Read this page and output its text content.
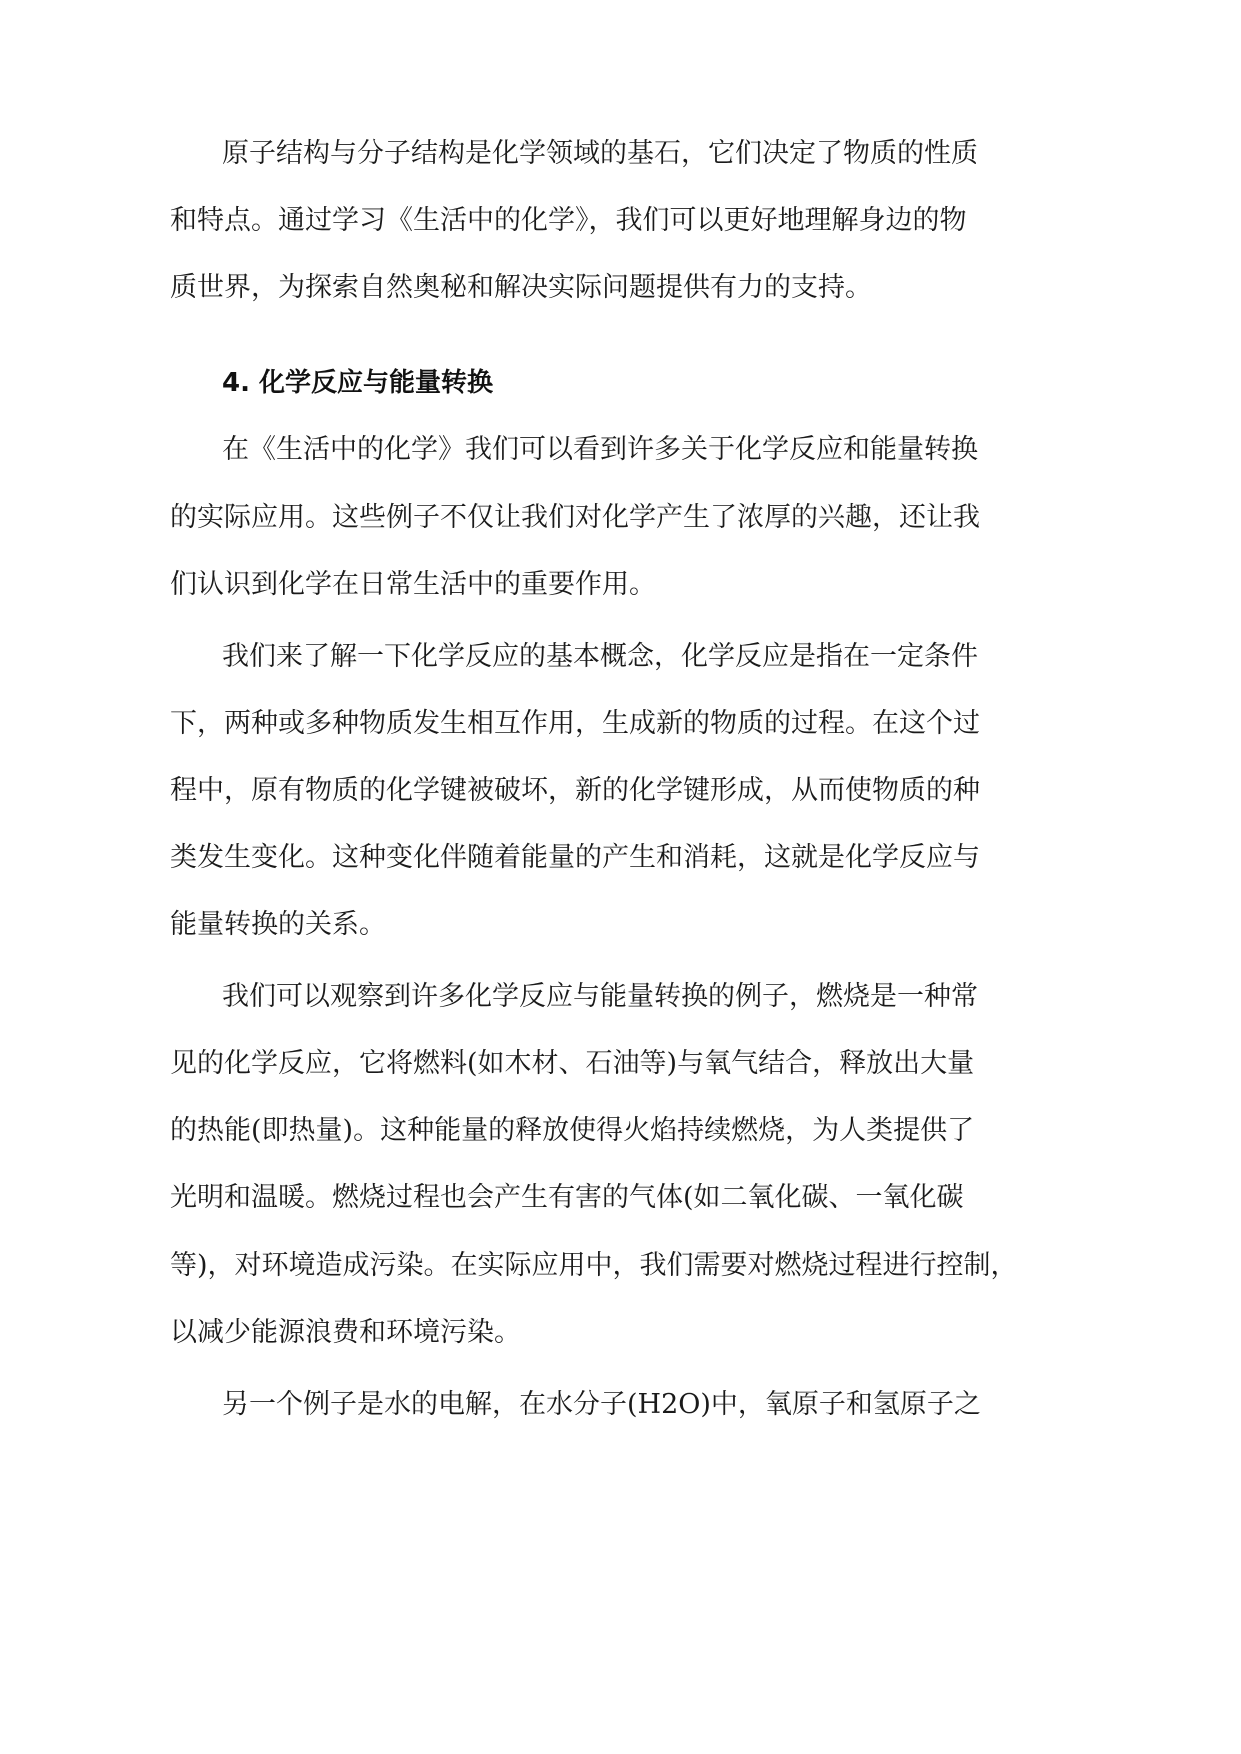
原子结构与分子结构是化学领域的基石，它们决定了物质的性质
和特点。通过学习《生活中的化学》，我们可以更好地理解身边的物
质世界，为探索自然奥秘和解决实际问题提供有力的支持。
4. 化学反应与能量转换
在《生活中的化学》我们可以看到许多关于化学反应和能量转换
的实际应用。这些例子不仅让我们对化学产生了浓厚的兴趣，还让我
们认识到化学在日常生活中的重要作用。
我们来了解一下化学反应的基本概念，化学反应是指在一定条件
下，两种或多种物质发生相互作用，生成新的物质的过程。在这个过
程中，原有物质的化学键被破坏，新的化学键形成，从而使物质的种
类发生变化。这种变化伴随着能量的产生和消耗，这就是化学反应与
能量转换的关系。
我们可以观察到许多化学反应与能量转换的例子，燃烧是一种常
见的化学反应，它将燃料(如木材、石油等)与氧气结合，释放出大量
的热能(即热量)。这种能量的释放使得火焰持续燃烧，为人类提供了
光明和温暖。燃烧过程也会产生有害的气体(如二氧化碳、一氧化碳
等)，对环境造成污染。在实际应用中，我们需要对燃烧过程进行控制，
以减少能源浪费和环境污染。
另一个例子是水的电解，在水分子(H2O)中，氧原子和氢原子之
